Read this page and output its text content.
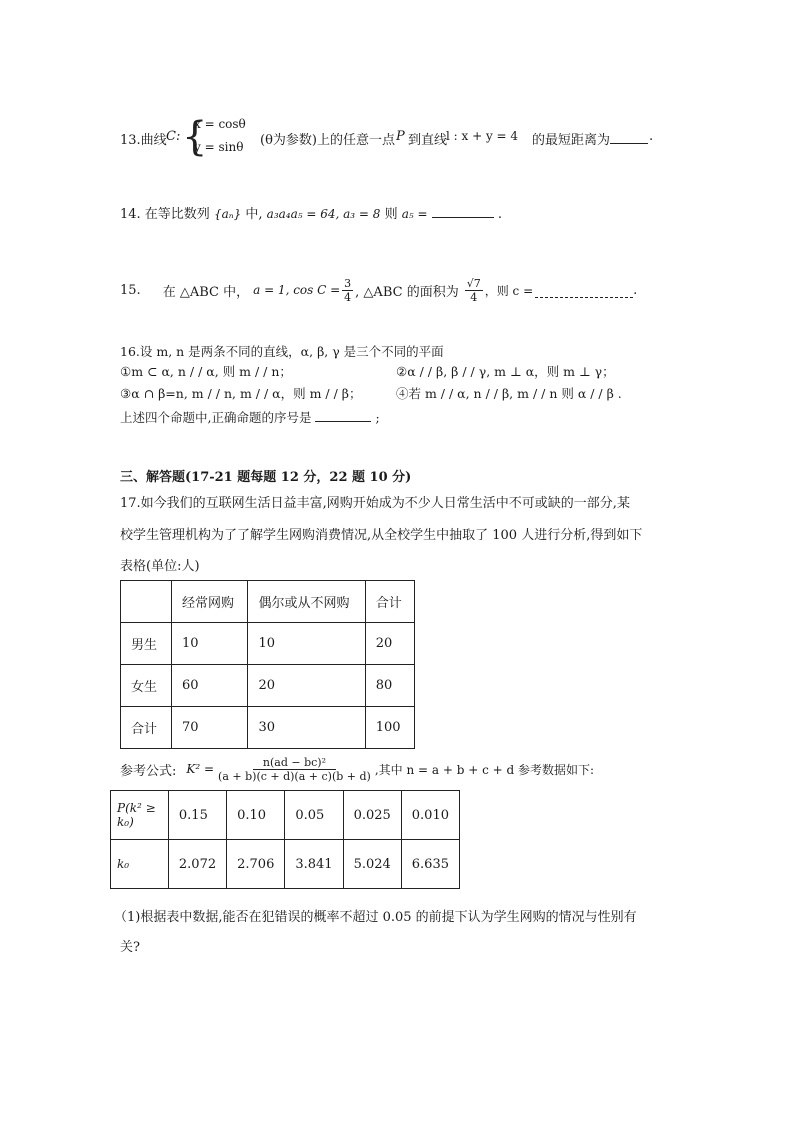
13.曲线 C: {
x = cosθ
y = sinθ (θ为参数)上的任意一点 P 到直线
l : x + y = 4 的最短距离为	.
14. 在等比数列 {aₙ} 中, a₃a₄a₅ = 64, a₃ = 8 则 a₅ =	.
15. 在 △ABC 中， a = 1, $\cos C = \frac{3}{4}$ , △ABC 的面积为 $\frac{√7}{4}$ ，则 c =	.
16.设 m, n 是两条不同的直线，α, β, γ 是三个不同的平面
①m ⊂ α, n / / α, 则 m / / n；	②α / / β, β / / γ, m ⊥ α，则 m ⊥ γ；
③α ∩ β=n, m / / n, m / / α，则 m / / β；	④若 m / / α, n / / β, m / / n 则 α / / β .
上述四个命题中,正确命题的序号是	;
三、解答题(17-21 题每题 12 分，22 题 10 分)
17.如今我们的互联网生活日益丰富,网购开始成为不少人日常生活中不可或缺的一部分,某
校学生管理机构为了了解学生网购消费情况,从全校学生中抽取了 100 人进行分析,得到如下
表格(单位:人)
	经常网购	偶尔或从不网购	合计
男生	10	10	20
女生	60	20	80
合计	70	30	100
参考公式: $K^2 = \frac{\text{n(ad − bc)²}}{(a + b)(c + d)(a + c)(b + d)}$ ,其中 n = a + b + c + d 参考数据如下:
P(k² ≥ k₀)	0.15	0.10	0.05	0.025	0.010
k₀	2.072	2.706	3.841	5.024	6.635
（1)根据表中数据,能否在犯错误的概率不超过 0.05 的前提下认为学生网购的情况与性别有
关?
